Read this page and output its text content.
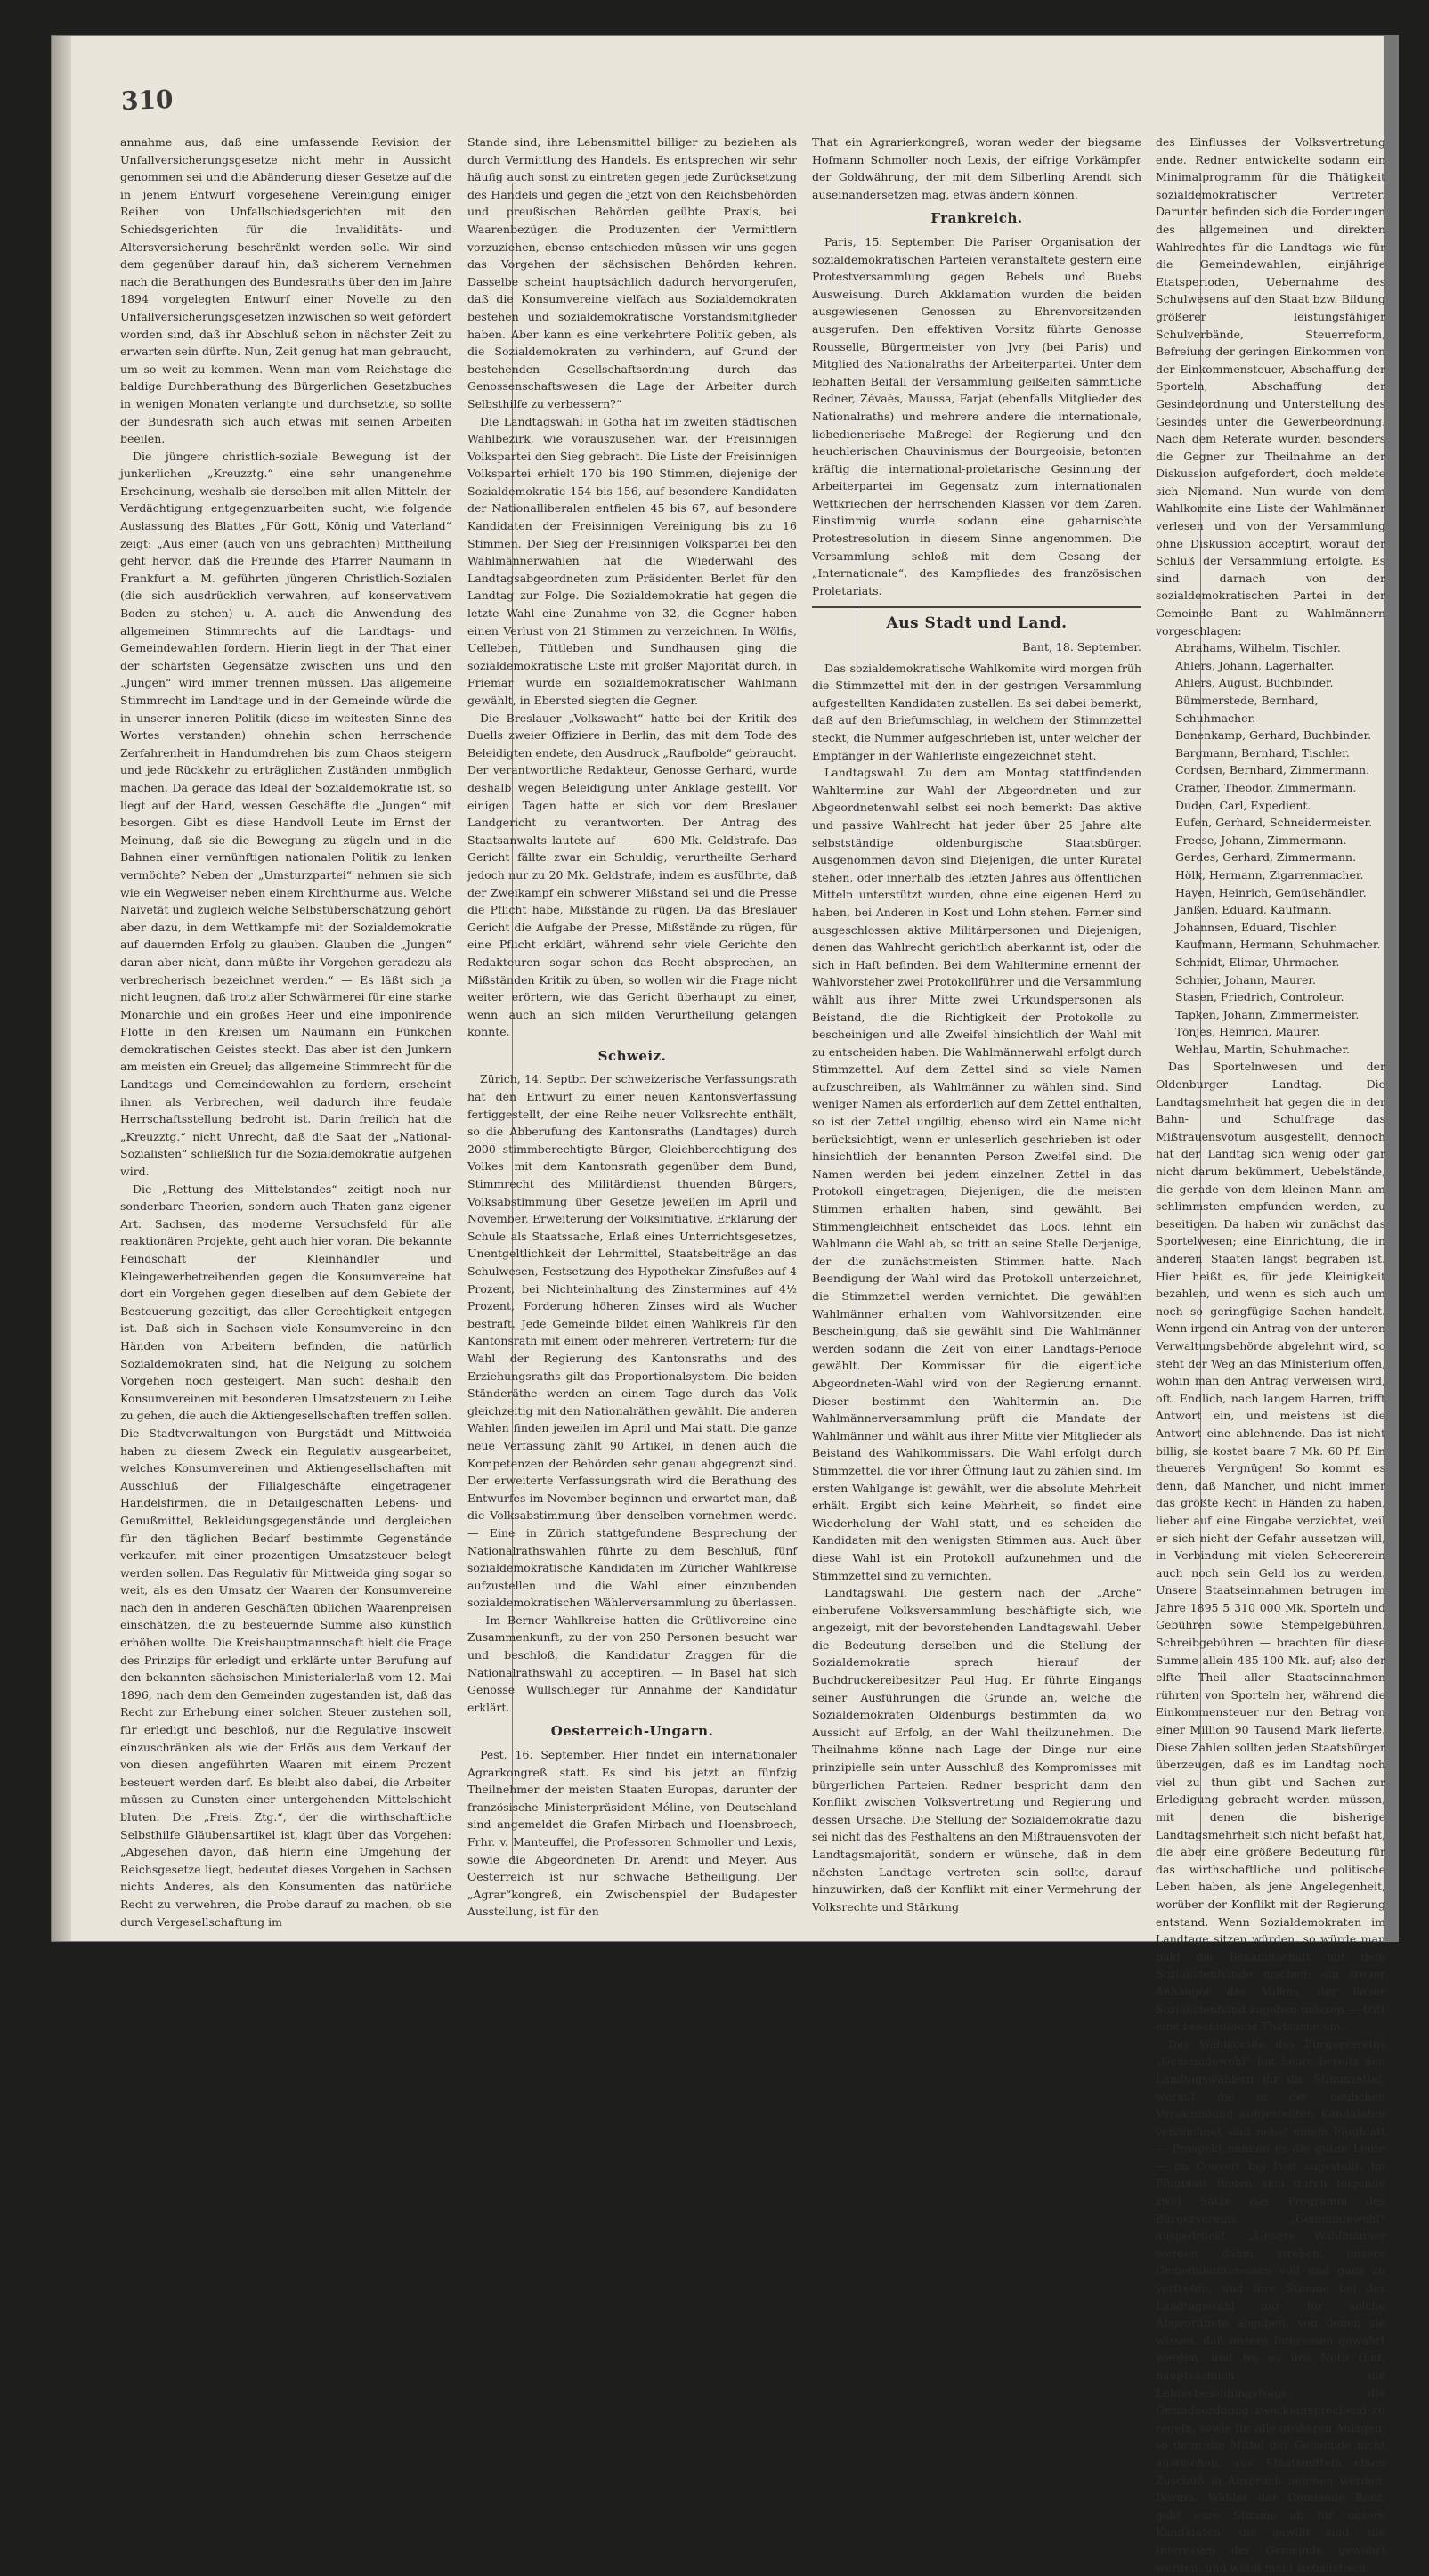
310

annahme aus, daß eine umfassende Revision der Unfallversicherungsgesetze nicht mehr in Aussicht genommen sei und die Abänderung dieser Gesetze auf die in jenem Entwurf vorgesehene Vereinigung einiger Reihen von Unfallschiedsgerichten mit den Schiedsgerichten für die Invaliditäts- und Altersversicherung beschränkt werden solle. Wir sind dem gegenüber darauf hin, daß sicherem Vernehmen nach die Berathungen des Bundesraths über den im Jahre 1894 vorgelegten Entwurf einer Novelle zu den Unfallversicherungsgesetzen inzwischen so weit gefördert worden sind, daß ihr Abschluß schon in nächster Zeit zu erwarten sein dürfte. Nun, Zeit genug hat man gebraucht, um so weit zu kommen. Wenn man vom Reichstage die baldige Durchberathung des Bürgerlichen Gesetzbuches in wenigen Monaten verlangte und durchsetzte, so sollte der Bundesrath sich auch etwas mit seinen Arbeiten beeilen.

Die jüngere christlich-soziale Bewegung ist der junkerlichen „Kreuzztg.“ eine sehr unangenehme Erscheinung, weshalb sie derselben mit allen Mitteln der Verdächtigung entgegenzuarbeiten sucht, wie folgende Auslassung des Blattes „Für Gott, König und Vaterland“ zeigt: „Aus einer (auch von uns gebrachten) Mittheilung geht hervor, daß die Freunde des Pfarrer Naumann in Frankfurt a. M. geführten jüngeren Christlich-Sozialen (die sich ausdrücklich verwahren, auf konservativem Boden zu stehen) u. A. auch die Anwendung des allgemeinen Stimmrechts auf die Landtags- und Gemeindewahlen fordern. Hierin liegt in der That einer der schärfsten Gegensätze zwischen uns und den „Jungen“ wird immer trennen müssen. Das allgemeine Stimmrecht im Landtage und in der Gemeinde würde die in unserer inneren Politik (diese im weitesten Sinne des Wortes verstanden) ohnehin schon herrschende Zerfahrenheit in Handumdrehen bis zum Chaos steigern und jede Rückkehr zu erträglichen Zuständen unmöglich machen. Da gerade das Ideal der Sozialdemokratie ist, so liegt auf der Hand, wessen Geschäfte die „Jungen“ mit besorgen. Gibt es diese Handvoll Leute im Ernst der Meinung, daß sie die Bewegung zu zügeln und in die Bahnen einer vernünftigen nationalen Politik zu lenken vermöchte? Neben der „Umsturzpartei“ nehmen sie sich wie ein Wegweiser neben einem Kirchthurme aus. Welche Naivetät und zugleich welche Selbstüberschätzung gehört aber dazu, in dem Wettkampfe mit der Sozialdemokratie auf dauernden Erfolg zu glauben. Glauben die „Jungen“ daran aber nicht, dann müßte ihr Vorgehen geradezu als verbrecherisch bezeichnet werden.“ — Es läßt sich ja nicht leugnen, daß trotz aller Schwärmerei für eine starke Monarchie und ein großes Heer und eine imponirende Flotte in den Kreisen um Naumann ein Fünkchen demokratischen Geistes steckt. Das aber ist den Junkern am meisten ein Greuel; das allgemeine Stimmrecht für die Landtags- und Gemeindewahlen zu fordern, erscheint ihnen als Verbrechen, weil dadurch ihre feudale Herrschaftsstellung bedroht ist. Darin freilich hat die „Kreuzztg.“ nicht Unrecht, daß die Saat der „National-Sozialisten“ schließlich für die Sozialdemokratie aufgehen wird.

Die „Rettung des Mittelstandes“ zeitigt noch nur sonderbare Theorien, sondern auch Thaten ganz eigener Art. Sachsen, das moderne Versuchsfeld für alle reaktionären Projekte, geht auch hier voran. Die bekannte Feindschaft der Kleinhändler und Kleingewerbetreibenden gegen die Konsumvereine hat dort ein Vorgehen gegen dieselben auf dem Gebiete der Besteuerung gezeitigt, das aller Gerechtigkeit entgegen ist. Daß sich in Sachsen viele Konsumvereine in den Händen von Arbeitern befinden, die natürlich Sozialdemokraten sind, hat die Neigung zu solchem Vorgehen noch gesteigert. Man sucht deshalb den Konsumvereinen mit besonderen Umsatzsteuern zu Leibe zu gehen, die auch die Aktiengesellschaften treffen sollen. Die Stadtverwaltungen von Burgstädt und Mittweida haben zu diesem Zweck ein Regulativ ausgearbeitet, welches Konsumvereinen und Aktiengesellschaften mit Ausschluß der Filialgeschäfte eingetragener Handelsfirmen, die in Detailgeschäften Lebens- und Genußmittel, Bekleidungsgegenstände und dergleichen für den täglichen Bedarf bestimmte Gegenstände verkaufen mit einer prozentigen Umsatzsteuer belegt werden sollen. Das Regulativ für Mittweida ging sogar so weit, als es den Umsatz der Waaren der Konsumvereine nach den in anderen Geschäften üblichen Waarenpreisen einschätzen, die zu besteuernde Summe also künstlich erhöhen wollte. Die Kreishauptmannschaft hielt die Frage des Prinzips für erledigt und erklärte unter Berufung auf den bekannten sächsischen Ministerialerlaß vom 12. Mai 1896, nach dem den Gemeinden zugestanden ist, daß das Recht zur Erhebung einer solchen Steuer zustehen soll, für erledigt und beschloß, nur die Regulative insoweit einzuschränken als wie der Erlös aus dem Verkauf der von diesen angeführten Waaren mit einem Prozent besteuert werden darf. Es bleibt also dabei, die Arbeiter müssen zu Gunsten einer untergehenden Mittelschicht bluten. Die „Freis. Ztg.“, der die wirthschaftliche Selbsthilfe Gläubensartikel ist, klagt über das Vorgehen: „Abgesehen davon, daß hierin eine Umgehung der Reichsgesetze liegt, bedeutet dieses Vorgehen in Sachsen nichts Anderes, als den Konsumenten das natürliche Recht zu verwehren, die Probe darauf zu machen, ob sie durch Vergesellschaftung im

Stande sind, ihre Lebensmittel billiger zu beziehen als durch Vermittlung des Handels. Es entsprechen wir sehr häufig auch sonst zu eintreten gegen jede Zurücksetzung des Handels und gegen die jetzt von den Reichsbehörden und preußischen Behörden geübte Praxis, bei Waarenbezügen die Produzenten der Vermittlern vorzuziehen, ebenso entschieden müssen wir uns gegen das Vorgehen der sächsischen Behörden kehren. Dasselbe scheint hauptsächlich dadurch hervorgerufen, daß die Konsumvereine vielfach aus Sozialdemokraten bestehen und sozialdemokratische Vorstandsmitglieder haben. Aber kann es eine verkehrtere Politik geben, als die Sozialdemokraten zu verhindern, auf Grund der bestehenden Gesellschaftsordnung durch das Genossenschaftswesen die Lage der Arbeiter durch Selbsthilfe zu verbessern?“

Die Landtagswahl in Gotha hat im zweiten städtischen Wahlbezirk, wie vorauszusehen war, der Freisinnigen Volkspartei den Sieg gebracht. Die Liste der Freisinnigen Volkspartei erhielt 170 bis 190 Stimmen, diejenige der Sozialdemokratie 154 bis 156, auf besondere Kandidaten der Nationalliberalen entfielen 45 bis 67, auf besondere Kandidaten der Freisinnigen Vereinigung bis zu 16 Stimmen. Der Sieg der Freisinnigen Volkspartei bei den Wahlmännerwahlen hat die Wiederwahl des Landtagsabgeordneten zum Präsidenten Berlet für den Landtag zur Folge. Die Sozialdemokratie hat gegen die letzte Wahl eine Zunahme von 32, die Gegner haben einen Verlust von 21 Stimmen zu verzeichnen. In Wölfis, Uelleben, Tüttleben und Sundhausen ging die sozialdemokratische Liste mit großer Majorität durch, in Friemar wurde ein sozialdemokratischer Wahlmann gewählt, in Ebersted siegten die Gegner.

Die Breslauer „Volkswacht“ hatte bei der Kritik des Duells zweier Offiziere in Berlin, das mit dem Tode des Beleidigten endete, den Ausdruck „Raufbolde“ gebraucht. Der verantwortliche Redakteur, Genosse Gerhard, wurde deshalb wegen Beleidigung unter Anklage gestellt. Vor einigen Tagen hatte er sich vor dem Breslauer Landgericht zu verantworten. Der Antrag des Staatsanwalts lautete auf — — 600 Mk. Geldstrafe. Das Gericht fällte zwar ein Schuldig, verurtheilte Gerhard jedoch nur zu 20 Mk. Geldstrafe, indem es ausführte, daß der Zweikampf ein schwerer Mißstand sei und die Presse die Pflicht habe, Mißstände zu rügen. Da das Breslauer Gericht die Aufgabe der Presse, Mißstände zu rügen, für eine Pflicht erklärt, während sehr viele Gerichte den Redakteuren sogar schon das Recht absprechen, an Mißständen Kritik zu üben, so wollen wir die Frage nicht weiter erörtern, wie das Gericht überhaupt zu einer, wenn auch an sich milden Verurtheilung gelangen konnte.

Schweiz.

Zürich, 14. Septbr. Der schweizerische Verfassungsrath hat den Entwurf zu einer neuen Kantonsverfassung fertiggestellt, der eine Reihe neuer Volksrechte enthält, so die Abberufung des Kantonsraths (Landtages) durch 2000 stimmberechtigte Bürger, Gleichberechtigung des Volkes mit dem Kantonsrath gegenüber dem Bund, Stimmrecht des Militärdienst thuenden Bürgers, Volksabstimmung über Gesetze jeweilen im April und November, Erweiterung der Volksinitiative, Erklärung der Schule als Staatssache, Erlaß eines Unterrichtsgesetzes, Unentgeltlichkeit der Lehrmittel, Staatsbeiträge an das Schulwesen, Festsetzung des Hypothekar-Zinsfußes auf 4 Prozent, bei Nichteinhaltung des Zinstermines auf 4½ Prozent, Forderung höheren Zinses wird als Wucher bestraft. Jede Gemeinde bildet einen Wahlkreis für den Kantonsrath mit einem oder mehreren Vertretern; für die Wahl der Regierung des Kantonsraths und des Erziehungsraths gilt das Proportionalsystem. Die beiden Ständeräthe werden an einem Tage durch das Volk gleichzeitig mit den Nationalräthen gewählt. Die anderen Wahlen finden jeweilen im April und Mai statt. Die ganze neue Verfassung zählt 90 Artikel, in denen auch die Kompetenzen der Behörden sehr genau abgegrenzt sind. Der erweiterte Verfassungsrath wird die Berathung des Entwurfes im November beginnen und erwartet man, daß die Volksabstimmung über denselben vornehmen werde. — Eine in Zürich stattgefundene Besprechung der Nationalrathswahlen führte zu dem Beschluß, fünf sozialdemokratische Kandidaten im Züricher Wahlkreise aufzustellen und die Wahl einer einzubenden sozialdemokratischen Wählerversammlung zu überlassen. — Im Berner Wahlkreise hatten die Grütlivereine eine Zusammenkunft, zu der von 250 Personen besucht war und beschloß, die Kandidatur Zraggen für die Nationalrathswahl zu acceptiren. — In Basel hat sich Genosse Wullschleger für Annahme der Kandidatur erklärt.

Oesterreich-Ungarn.

Pest, 16. September. Hier findet ein internationaler Agrarkongreß statt. Es sind bis jetzt an fünfzig Theilnehmer der meisten Staaten Europas, darunter der französische Ministerpräsident Méline, von Deutschland sind angemeldet die Grafen Mirbach und Hoensbroech, Frhr. v. Manteuffel, die Professoren Schmoller und Lexis, sowie die Abgeordneten Dr. Arendt und Meyer. Aus Oesterreich ist nur schwache Betheiligung. Der „Agrar“kongreß, ein Zwischenspiel der Budapester Ausstellung, ist für den

That ein Agrarierkongreß, woran weder der biegsame Hofmann Schmoller noch Lexis, der eifrige Vorkämpfer der Goldwährung, der mit dem Silberling Arendt sich auseinandersetzen mag, etwas ändern können.

Frankreich.

Paris, 15. September. Die Pariser Organisation der sozialdemokratischen Parteien veranstaltete gestern eine Protestversammlung gegen Bebels und Buebs Ausweisung. Durch Akklamation wurden die beiden ausgewiesenen Genossen zu Ehrenvorsitzenden ausgerufen. Den effektiven Vorsitz führte Genosse Rousselle, Bürgermeister von Jvry (bei Paris) und Mitglied des Nationalraths der Arbeiterpartei. Unter dem lebhaften Beifall der Versammlung geißelten sämmtliche Redner, Zévaès, Maussa, Farjat (ebenfalls Mitglieder des Nationalraths) und mehrere andere die internationale, liebedienerische Maßregel der Regierung und den heuchlerischen Chauvinismus der Bourgeoisie, betonten kräftig die international-proletarische Gesinnung der Arbeiterpartei im Gegensatz zum internationalen Wettkriechen der herrschenden Klassen vor dem Zaren. Einstimmig wurde sodann eine geharnischte Protestresolution in diesem Sinne angenommen. Die Versammlung schloß mit dem Gesang der „Internationale“, des Kampfliedes des französischen Proletariats.

Aus Stadt und Land.
Bant, 18. September.

Das sozialdemokratische Wahlkomite wird morgen früh die Stimmzettel mit den in der gestrigen Versammlung aufgestellten Kandidaten zustellen. Es sei dabei bemerkt, daß auf den Briefumschlag, in welchem der Stimmzettel steckt, die Nummer aufgeschrieben ist, unter welcher der Empfänger in der Wählerliste eingezeichnet steht.

Landtagswahl. Zu dem am Montag stattfindenden Wahltermine zur Wahl der Abgeordneten und zur Abgeordnetenwahl selbst sei noch bemerkt: Das aktive und passive Wahlrecht hat jeder über 25 Jahre alte selbstständige oldenburgische Staatsbürger. Ausgenommen davon sind Diejenigen, die unter Kuratel stehen, oder innerhalb des letzten Jahres aus öffentlichen Mitteln unterstützt wurden, ohne eine eigenen Herd zu haben, bei Anderen in Kost und Lohn stehen. Ferner sind ausgeschlossen aktive Militärpersonen und Diejenigen, denen das Wahlrecht gerichtlich aberkannt ist, oder die sich in Haft befinden. Bei dem Wahltermine ernennt der Wahlvorsteher zwei Protokollführer und die Versammlung wählt aus ihrer Mitte zwei Urkundspersonen als Beistand, die die Richtigkeit der Protokolle zu bescheinigen und alle Zweifel hinsichtlich der Wahl mit zu entscheiden haben. Die Wahlmännerwahl erfolgt durch Stimmzettel. Auf dem Zettel sind so viele Namen aufzuschreiben, als Wahlmänner zu wählen sind. Sind weniger Namen als erforderlich auf dem Zettel enthalten, so ist der Zettel ungiltig, ebenso wird ein Name nicht berücksichtigt, wenn er unleserlich geschrieben ist oder hinsichtlich der benannten Person Zweifel sind. Die Namen werden bei jedem einzelnen Zettel in das Protokoll eingetragen, Diejenigen, die die meisten Stimmen erhalten haben, sind gewählt. Bei Stimmengleichheit entscheidet das Loos, lehnt ein Wahlmann die Wahl ab, so tritt an seine Stelle Derjenige, der die zunächstmeisten Stimmen hatte. Nach Beendigung der Wahl wird das Protokoll unterzeichnet, die Stimmzettel werden vernichtet. Die gewählten Wahlmänner erhalten vom Wahlvorsitzenden eine Bescheinigung, daß sie gewählt sind. Die Wahlmänner werden sodann die Zeit von einer Landtags-Periode gewählt. Der Kommissar für die eigentliche Abgeordneten-Wahl wird von der Regierung ernannt. Dieser bestimmt den Wahltermin an. Die Wahlmännerversammlung prüft die Mandate der Wahlmänner und wählt aus ihrer Mitte vier Mitglieder als Beistand des Wahlkommissars. Die Wahl erfolgt durch Stimmzettel, die vor ihrer Öffnung laut zu zählen sind. Im ersten Wahlgange ist gewählt, wer die absolute Mehrheit erhält. Ergibt sich keine Mehrheit, so findet eine Wiederholung der Wahl statt, und es scheiden die Kandidaten mit den wenigsten Stimmen aus. Auch über diese Wahl ist ein Protokoll aufzunehmen und die Stimmzettel sind zu vernichten.

Landtagswahl. Die gestern nach der „Arche“ einberufene Volksversammlung beschäftigte sich, wie angezeigt, mit der bevorstehenden Landtagswahl. Ueber die Bedeutung derselben und die Stellung der Sozialdemokratie sprach hierauf der Buchdruckereibesitzer Paul Hug. Er führte Eingangs seiner Ausführungen die Gründe an, welche die Sozialdemokraten Oldenburgs bestimmten da, wo Aussicht auf Erfolg, an der Wahl theilzunehmen. Die Theilnahme könne nach Lage der Dinge nur eine prinzipielle sein unter Ausschluß des Kompromisses mit bürgerlichen Parteien. Redner bespricht dann den Konflikt zwischen Volksvertretung und Regierung und dessen Ursache. Die Stellung der Sozialdemokratie dazu sei nicht das des Festhaltens an den Mißtrauensvoten der Landtagsmajorität, sondern er wünsche, daß in dem nächsten Landtage vertreten sein sollte, darauf hinzuwirken, daß der Konflikt mit einer Vermehrung der Volksrechte und Stärkung

des Einflusses der Volksvertretung ende. Redner entwickelte sodann ein Minimalprogramm für die Thätigkeit sozialdemokratischer Vertreter. Darunter befinden sich die Forderungen des allgemeinen und direkten Wahlrechtes für die Landtags- wie für die Gemeindewahlen, einjährige Etatsperioden, Uebernahme des Schulwesens auf den Staat bzw. Bildung größerer leistungsfähiger Schulverbände, Steuerreform, Befreiung der geringen Einkommen von der Einkommensteuer, Abschaffung der Sporteln, Abschaffung der Gesindeordnung und Unterstellung des Gesindes unter die Gewerbeordnung. Nach dem Referate wurden besonders die Gegner zur Theilnahme an der Diskussion aufgefordert, doch meldete sich Niemand. Nun wurde von dem Wahlkomite eine Liste der Wahlmänner verlesen und von der Versammlung ohne Diskussion acceptirt, worauf der Schluß der Versammlung erfolgte. Es sind darnach von der sozialdemokratischen Partei in der Gemeinde Bant zu Wahlmännern vorgeschlagen:

Abrahams, Wilhelm, Tischler.
Ahlers, Johann, Lagerhalter.
Ahlers, August, Buchbinder.
Bümmerstede, Bernhard, Schuhmacher.
Bonenkamp, Gerhard, Buchbinder.
Bargmann, Bernhard, Tischler.
Cordsen, Bernhard, Zimmermann.
Cramer, Theodor, Zimmermann.
Duden, Carl, Expedient.
Eufen, Gerhard, Schneidermeister.
Freese, Johann, Zimmermann.
Gerdes, Gerhard, Zimmermann.
Hölk, Hermann, Zigarrenmacher.
Hayen, Heinrich, Gemüsehändler.
Janßen, Eduard, Kaufmann.
Johannsen, Eduard, Tischler.
Kaufmann, Hermann, Schuhmacher.
Schmidt, Elimar, Uhrmacher.
Schnier, Johann, Maurer.
Stasen, Friedrich, Controleur.
Tapken, Johann, Zimmermeister.
Tönjes, Heinrich, Maurer.
Wehlau, Martin, Schuhmacher.

Das Sportelnwesen und der Oldenburger Landtag. Die Landtagsmehrheit hat gegen die in der Bahn- und Schulfrage das Mißtrauensvotum ausgestellt, dennoch hat der Landtag sich wenig oder gar nicht darum bekümmert, Uebelstände, die gerade von dem kleinen Mann am schlimmsten empfunden werden, zu beseitigen. Da haben wir zunächst das Sportelwesen; eine Einrichtung, die in anderen Staaten längst begraben ist. Hier heißt es, für jede Kleinigkeit bezahlen, und wenn es sich auch um noch so geringfügige Sachen handelt. Wenn irgend ein Antrag von der unteren Verwaltungsbehörde abgelehnt wird, so steht der Weg an das Ministerium offen, wohin man den Antrag verweisen wird, oft. Endlich, nach langem Harren, trifft Antwort ein, und meistens ist die Antwort eine ablehnende. Das ist nicht billig, sie kostet baare 7 Mk. 60 Pf. Ein theueres Vergnügen! So kommt es denn, daß Mancher, und nicht immer das größte Recht in Händen zu haben, lieber auf eine Eingabe verzichtet, weil er sich nicht der Gefahr aussetzen will, in Verbindung mit vielen Scheererein auch noch sein Geld los zu werden. Unsere Staatseinnahmen betrugen im Jahre 1895 5 310 000 Mk. Sporteln und Gebühren sowie Stempelgebühren, Schreibgebühren — brachten für diese Summe allein 485 100 Mk. auf; also der elfte Theil aller Staatseinnahmen rührten von Sporteln her, während die Einkommensteuer nur den Betrag von einer Million 90 Tausend Mark lieferte. Diese Zahlen sollten jeden Staatsbürger überzeugen, daß es im Landtag noch viel zu thun gibt und Sachen zur Erledigung gebracht werden müssen, mit denen die bisherige Landtagsmehrheit sich nicht befaßt hat, die aber eine größere Bedeutung für das wirthschaftliche und politische Leben haben, als jene Angelegenheit, worüber der Konflikt mit der Regierung entstand. Wenn Sozialdemokraten im Landtage sitzen würden, so würde man bald die Bekanntschaft mit dem Sozialistenfeinde machen; ein treuer Anhänger des Volkes, der lieber Sozialistenfeind zugeben müssen — tritt eine beschlossene Thatsache ein.

Das Wahlkomite des Bürgervereins „Gemeindewohl“ hat heute bereits den Landtagswählern ihr die Stimmzettel, worauf die in der neulichen Versammlung aufgestellten Kandidaten verzeichnet sind nebst einem Flugblatt — Prospekt nennen es die guten Leute — im Couvert bei Post zugestellt. Im Flugblatt finden sich durch folgende zwei Sätze das Programm des Bürgervereins „Gemeindewohl“ ausgedrückt: „Unsere Wahlmänner werden dahin streben, unsere Gemeindeinteressen voll und ganz zu vertreten, und ihre Stimme bei der Landtagswahl nur für solche Abgeordnete abgeben, von denen sie wissen, daß unsere Interessen gewahrt werden, und wo es uns Noth thut, hauptsächlich die Lehrerbesoldungsfrage, die Gesindeordnung zweckentsprechend zu regeln, sowie für alle größeren Anlagen, so denn die Mittel der Gemeinde nicht ausreichen, aus Staatsmitteln einen Zuschuß in Anspruch nehmen werden. Darum, Wähler der Gemeinde Bant, gebt eure Stimme ab für unsere Kandidaten, die gewillt sind, die Interessen der Gemeinde gewahrt werden, und wählt nicht sozialistisch,
